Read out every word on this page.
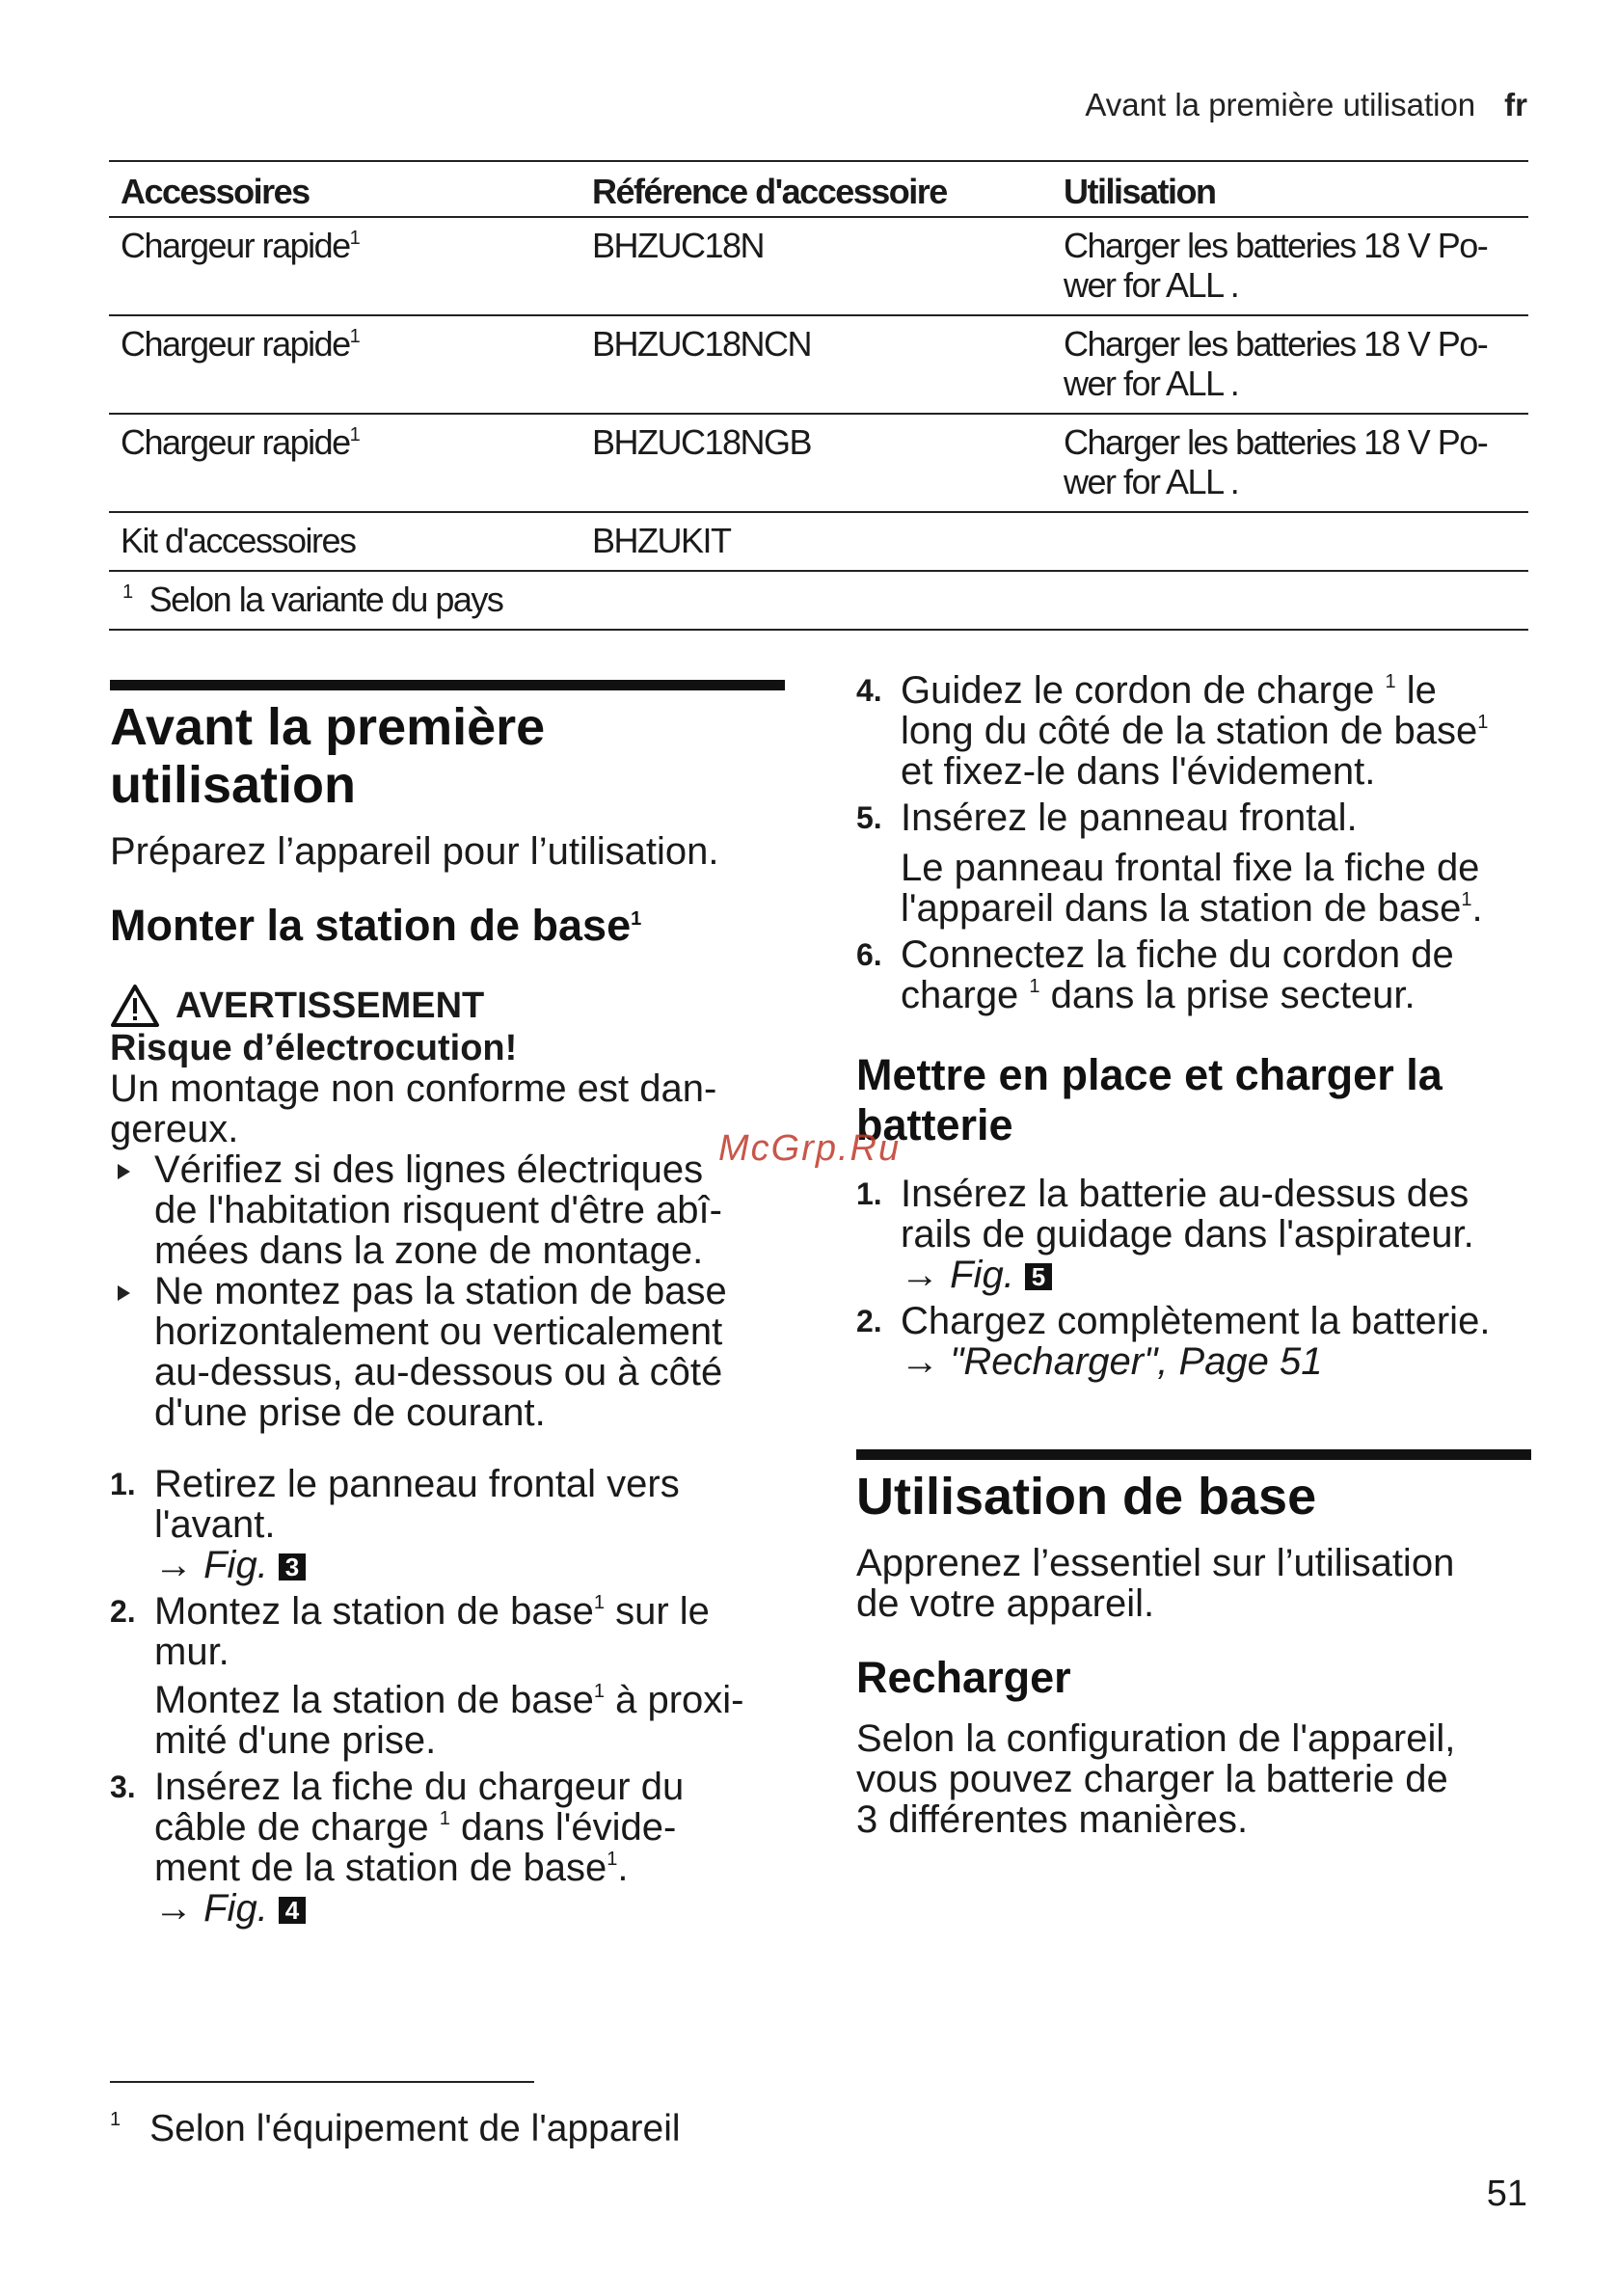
Avant la première utilisation fr
Accessoires	Référence d'accessoire	Utilisation
Chargeur rapide$^1$	BHZUC18N	Charger les batteries 18 V Po-
wer for ALL .
Chargeur rapide$^1$	BHZUC18NCN	Charger les batteries 18 V Po-
wer for ALL .
Chargeur rapide$^1$	BHZUC18NGB	Charger les batteries 18 V Po-
wer for ALL .
Kit d'accessoires	BHZUKIT	
$^1$ Selon la variante du pays		
Avant la première
utilisation

Préparez l’appareil pour l’utilisation.

Monter la station de base$^1$
AVERTISSEMENT
Risque d’électrocution!

Un montage non conforme est dan-
gereux.

Vérifiez si des lignes électriques
de l'habitation risquent d'être abî-
mées dans la zone de montage.
Ne montez pas la station de base
horizontalement ou verticalement
au-dessus, au-dessous ou à côté
d'une prise de courant.
1. Retirez le panneau frontal vers
l'avant.
→ Fig. 3
2. Montez la station de base$^1$ sur le
mur.
Montez la station de base$^1$ à proxi-
mité d'une prise.
3. Insérez la fiche du chargeur du
câble de charge $^1$ dans l'évide-
ment de la station de base$^1$.
→ Fig. 4
4. Guidez le cordon de charge $^1$ le
long du côté de la station de base$^1$
et fixez-le dans l'évidement.
5. Insérez le panneau frontal.
Le panneau frontal fixe la fiche de
l'appareil dans la station de base$^1$.
6. Connectez la fiche du cordon de
charge $^1$ dans la prise secteur.
Mettre en place et charger la
batterie
1. Insérez la batterie au-dessus des
rails de guidage dans l'aspirateur.
→ Fig. 5
2. Chargez complètement la batterie.
→ "Recharger", Page 51
Utilisation de base

Apprenez l’essentiel sur l’utilisation
de votre appareil.

Recharger

Selon la configuration de l'appareil,
vous pouvez charger la batterie de
3 différentes manières.

McGrp.Ru
$^1$ Selon l'équipement de l'appareil
51
